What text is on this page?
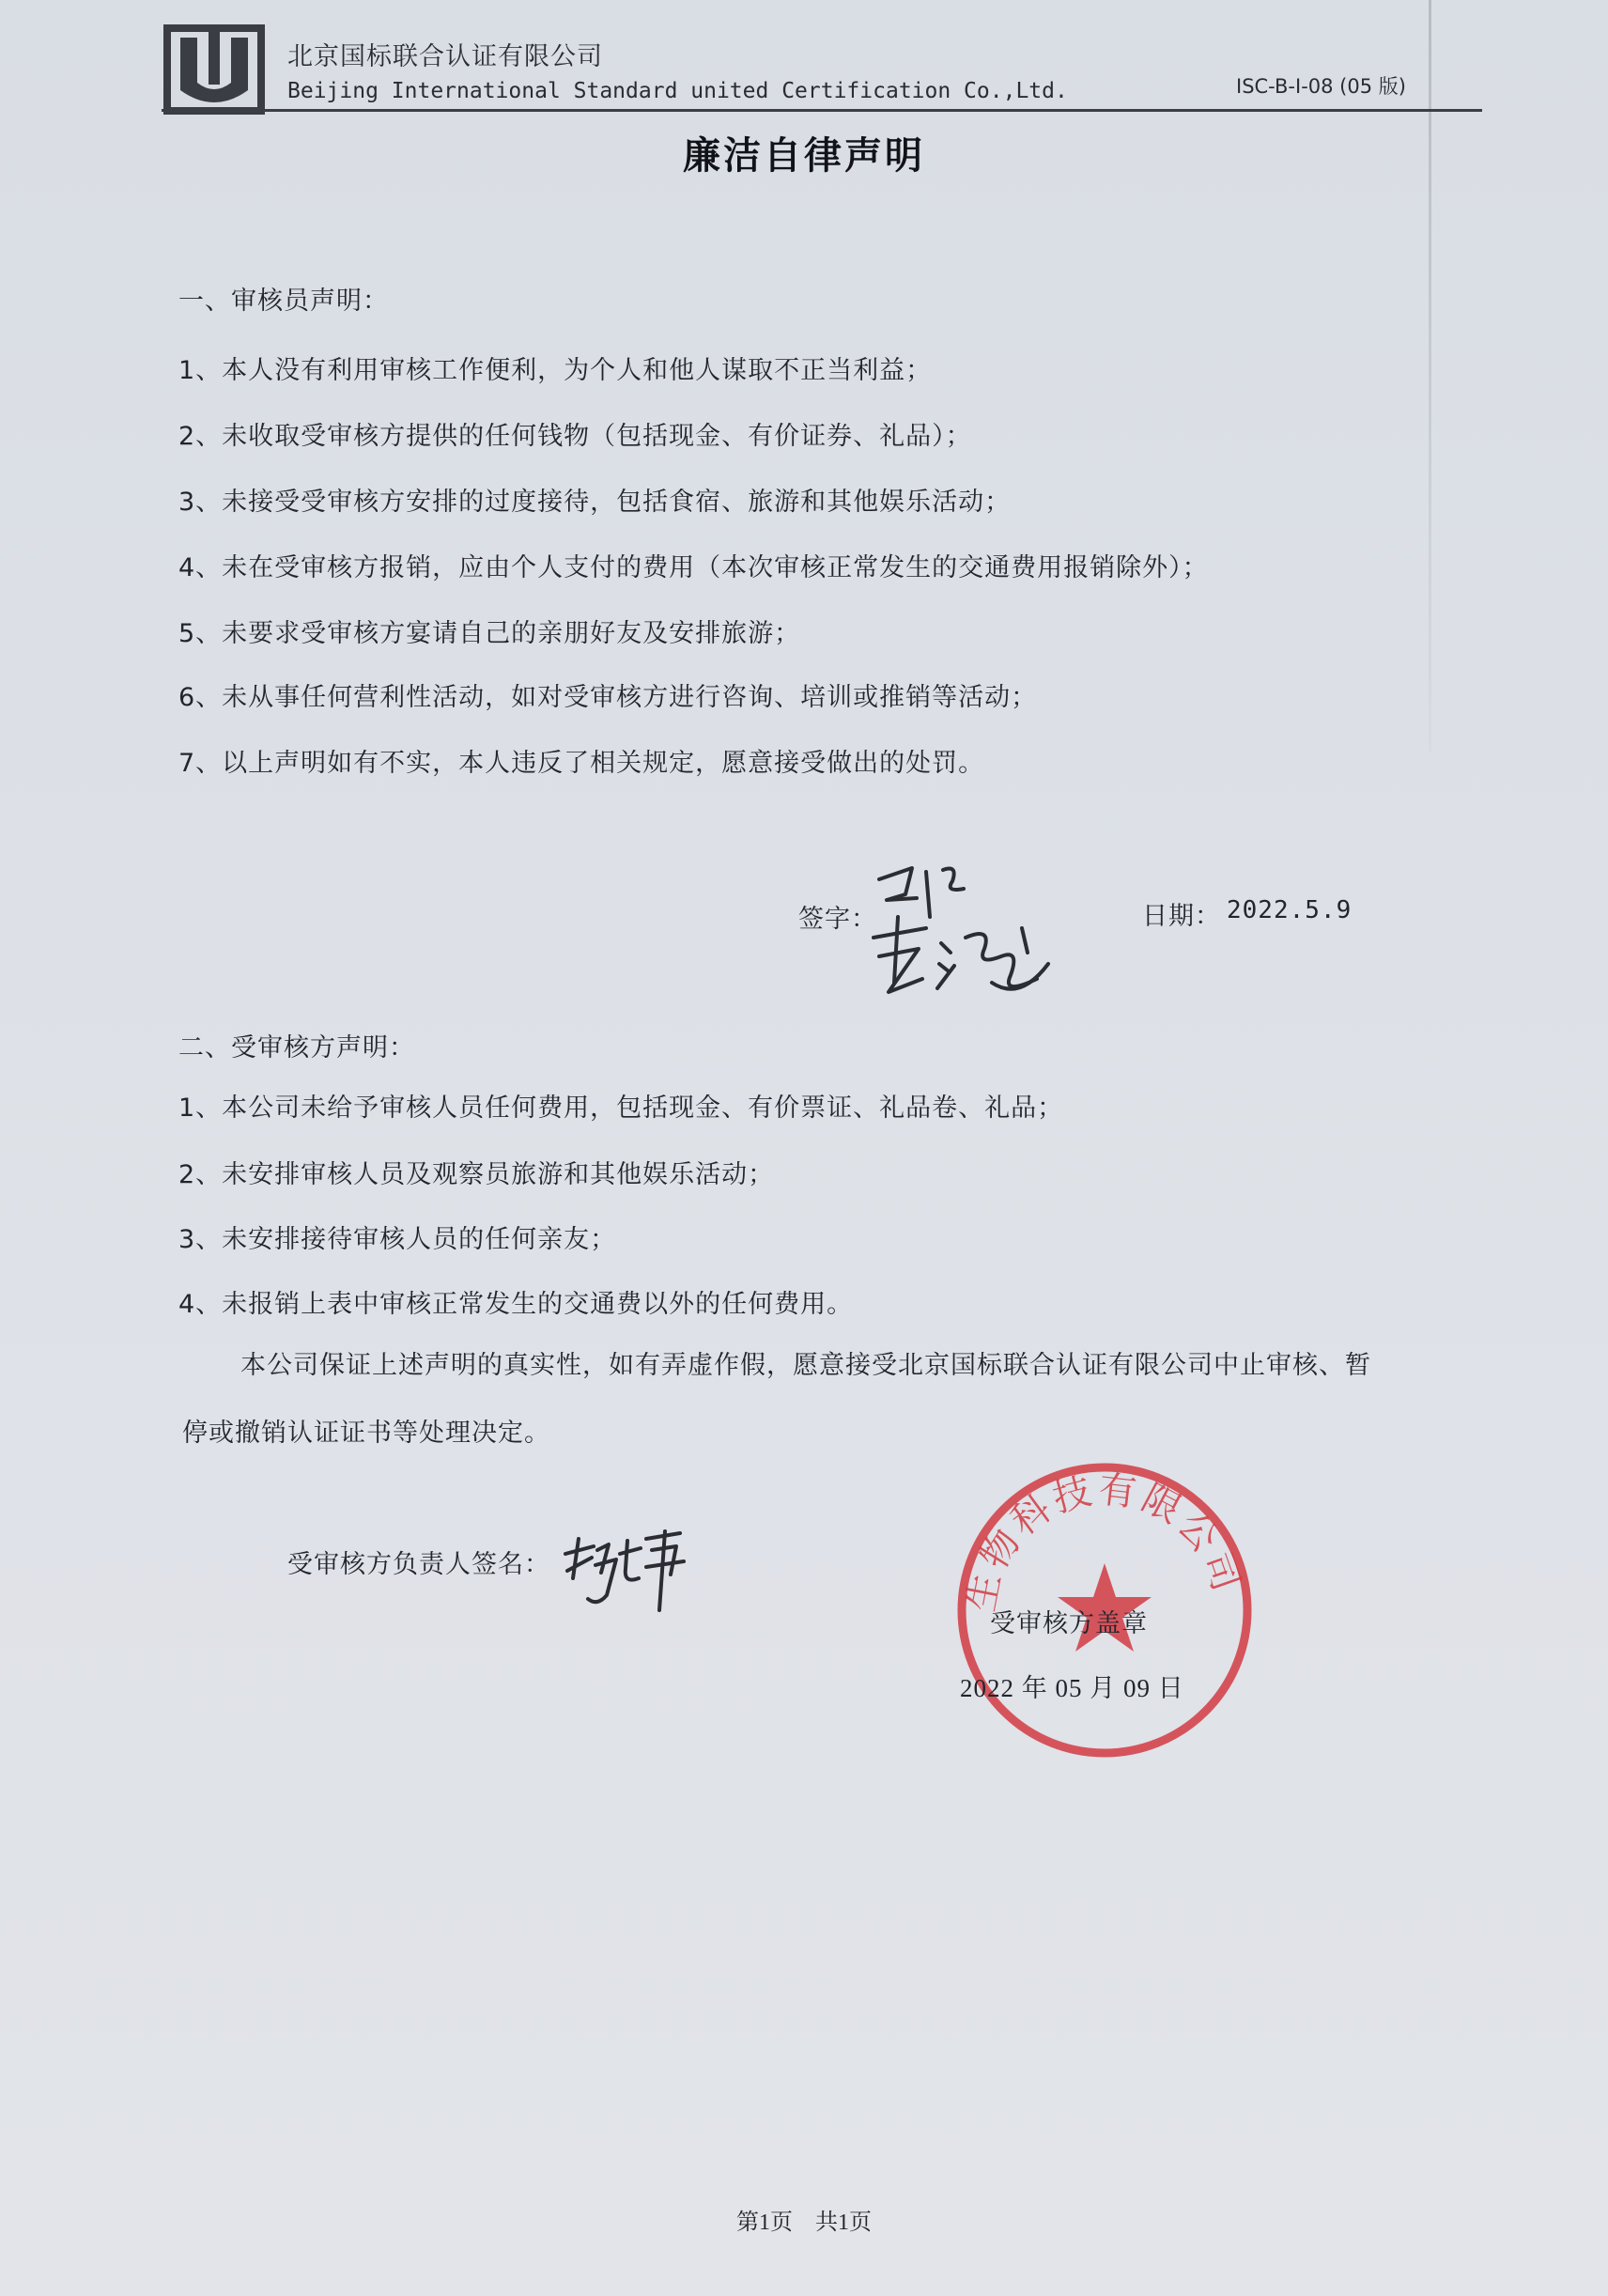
北京国标联合认证有限公司
Beijing International Standard united Certification Co.,Ltd.	ISC-B-I-08 (05 版)
廉洁自律声明
一、审核员声明：
1、本人没有利用审核工作便利，为个人和他人谋取不正当利益；
2、未收取受审核方提供的任何钱物（包括现金、有价证券、礼品）；
3、未接受受审核方安排的过度接待，包括食宿、旅游和其他娱乐活动；
4、未在受审核方报销，应由个人支付的费用（本次审核正常发生的交通费用报销除外）；
5、未要求受审核方宴请自己的亲朋好友及安排旅游；
6、未从事任何营利性活动，如对受审核方进行咨询、培训或推销等活动；
7、以上声明如有不实，本人违反了相关规定，愿意接受做出的处罚。
签字：	日期： 2022.5.9
二、受审核方声明：
1、本公司未给予审核人员任何费用，包括现金、有价票证、礼品卷、礼品；
2、未安排审核人员及观察员旅游和其他娱乐活动；
3、未安排接待审核人员的任何亲友；
4、未报销上表中审核正常发生的交通费以外的任何费用。
本公司保证上述声明的真实性，如有弄虚作假，愿意接受北京国标联合认证有限公司中止审核、暂
停或撤销认证证书等处理决定。
受审核方负责人签名：
生物科技有限公司
受审核方盖章
2022 年 05 月 09 日
第1页　共1页
